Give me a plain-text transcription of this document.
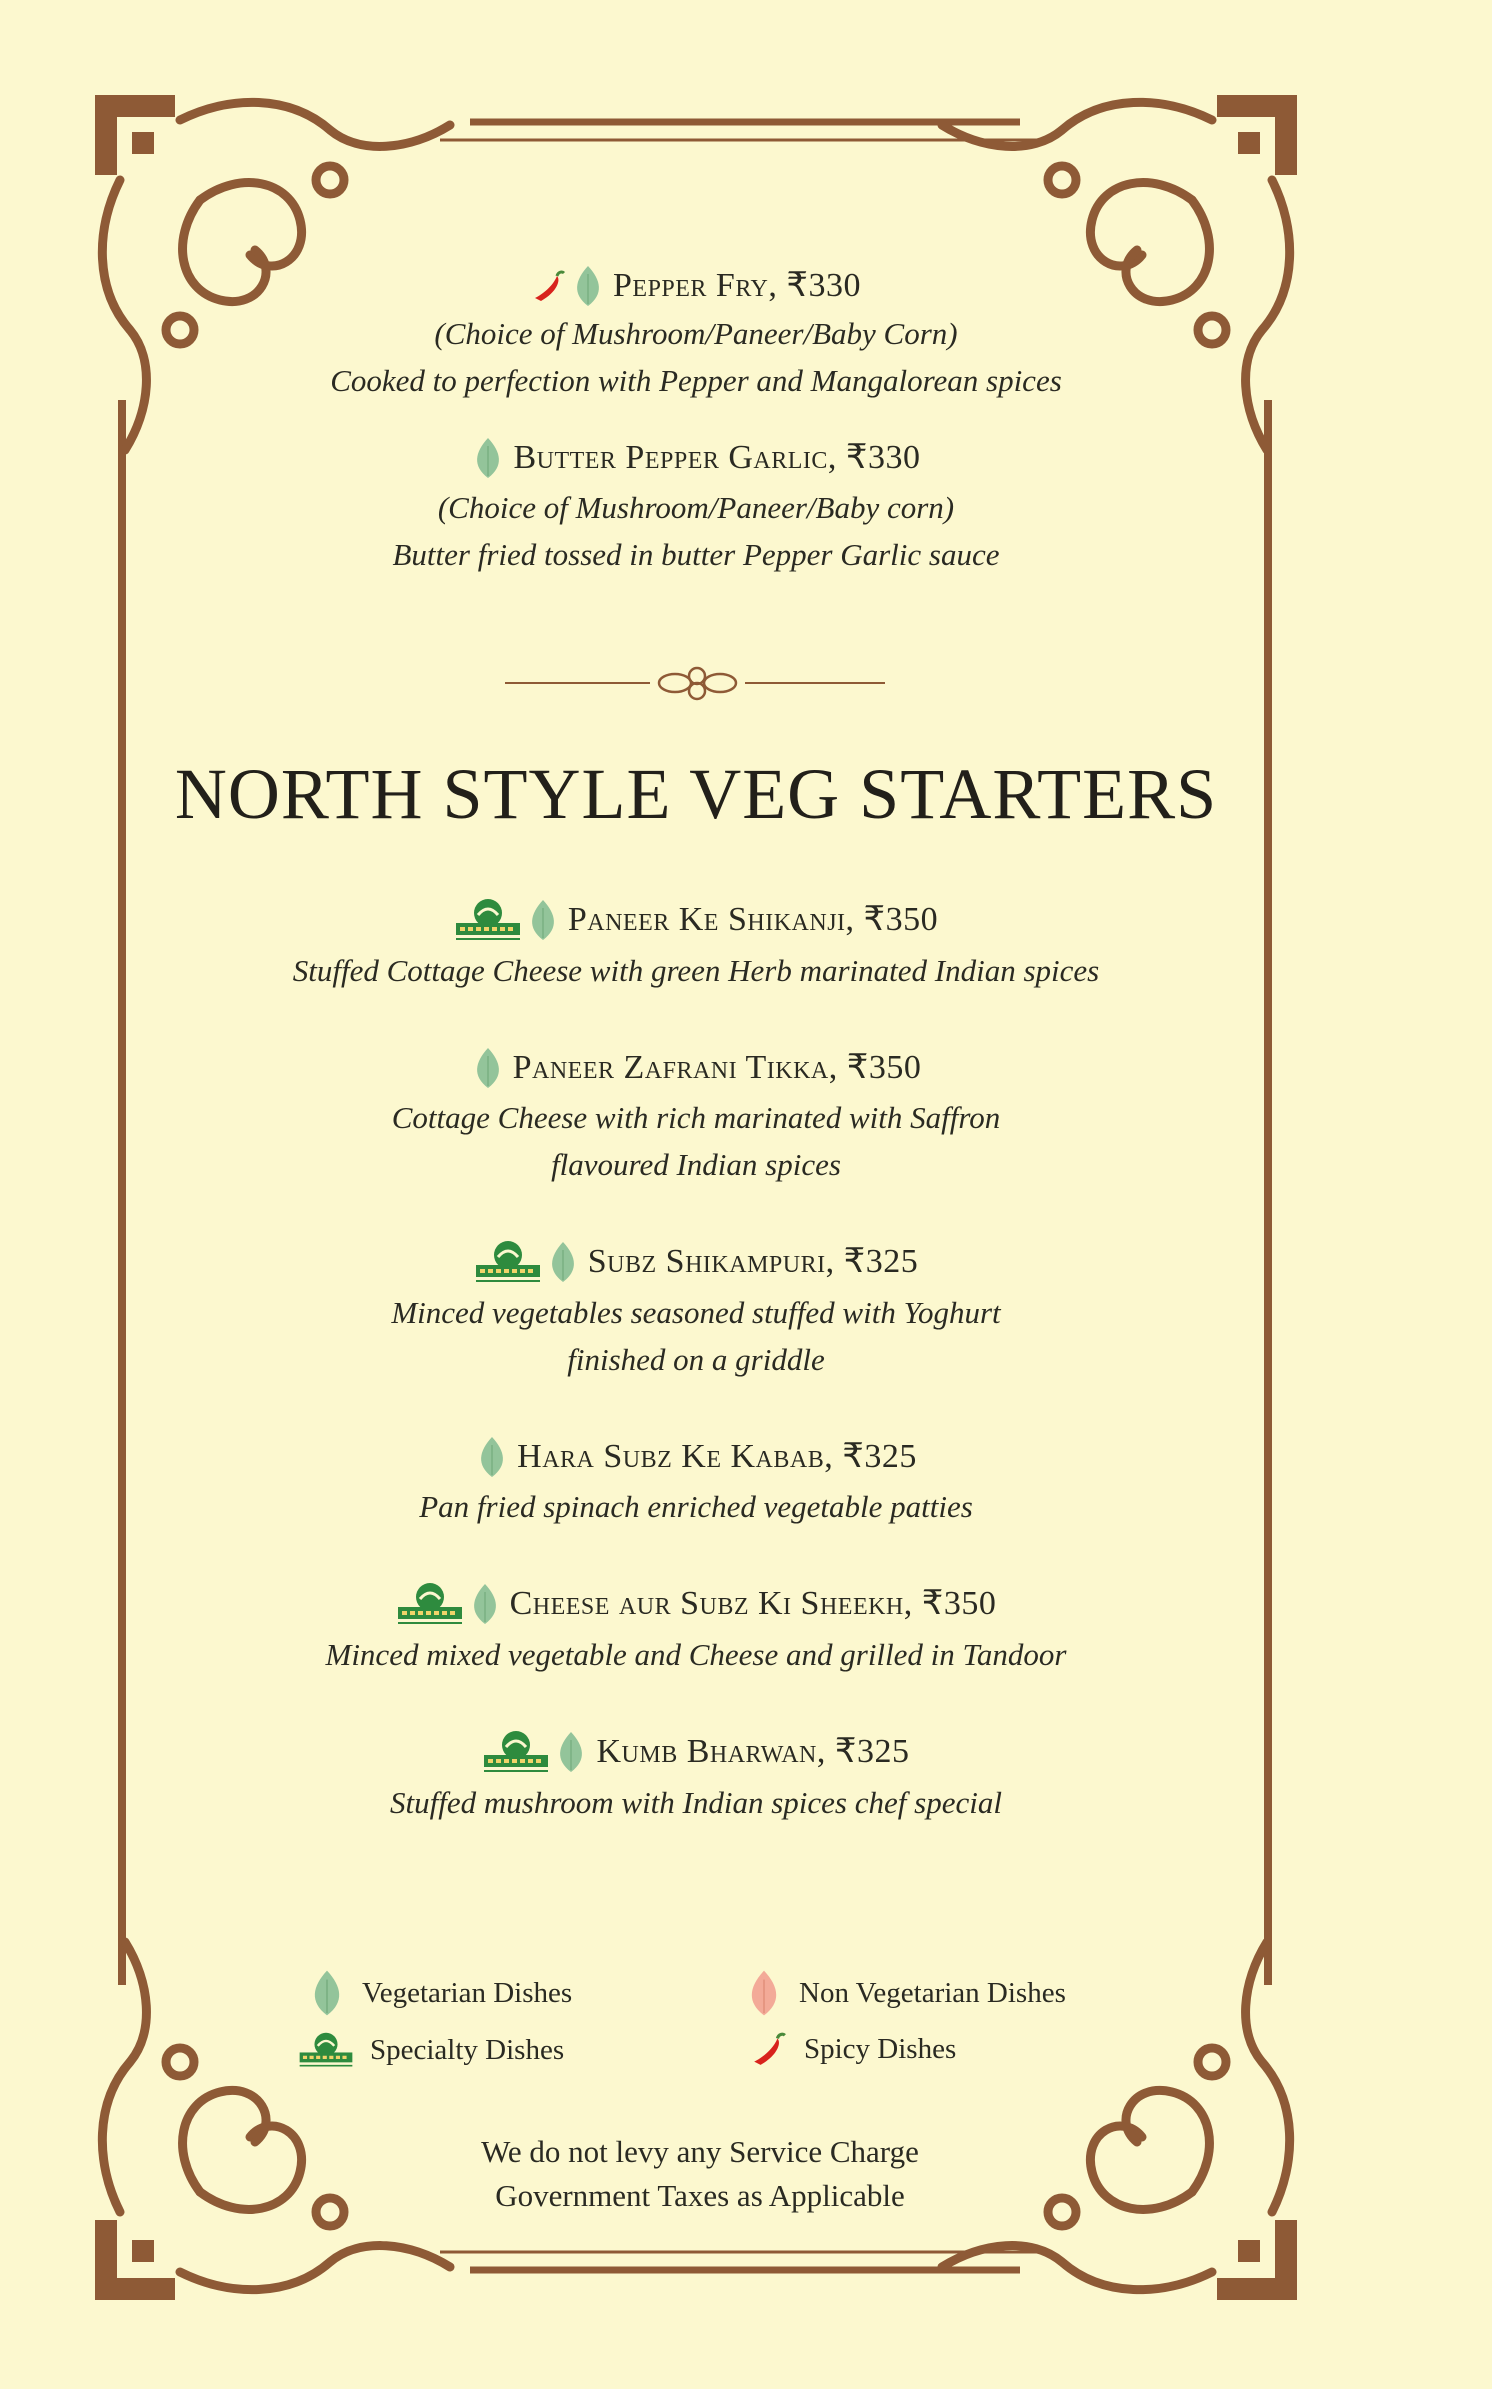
Pepper Fry, ₹330
(Choice of Mushroom/Paneer/Baby Corn)
Cooked to perfection with Pepper and Mangalorean spices
Butter Pepper Garlic, ₹330
(Choice of Mushroom/Paneer/Baby corn)
Butter fried tossed in butter Pepper Garlic sauce
NORTH STYLE VEG STARTERS
Paneer Ke Shikanji, ₹350
Stuffed Cottage Cheese with green Herb marinated Indian spices
Paneer Zafrani Tikka, ₹350
Cottage Cheese with rich marinated with Saffron
flavoured Indian spices
Subz Shikampuri, ₹325
Minced vegetables seasoned stuffed with Yoghurt
finished on a griddle
Hara Subz Ke Kabab, ₹325
Pan fried spinach enriched vegetable patties
Cheese aur Subz Ki Sheekh, ₹350
Minced mixed vegetable and Cheese and grilled in Tandoor
Kumb Bharwan, ₹325
Stuffed mushroom with Indian spices chef special
Vegetarian Dishes	Non Vegetarian Dishes
Specialty Dishes	Spicy Dishes
We do not levy any Service Charge
Government Taxes as Applicable
